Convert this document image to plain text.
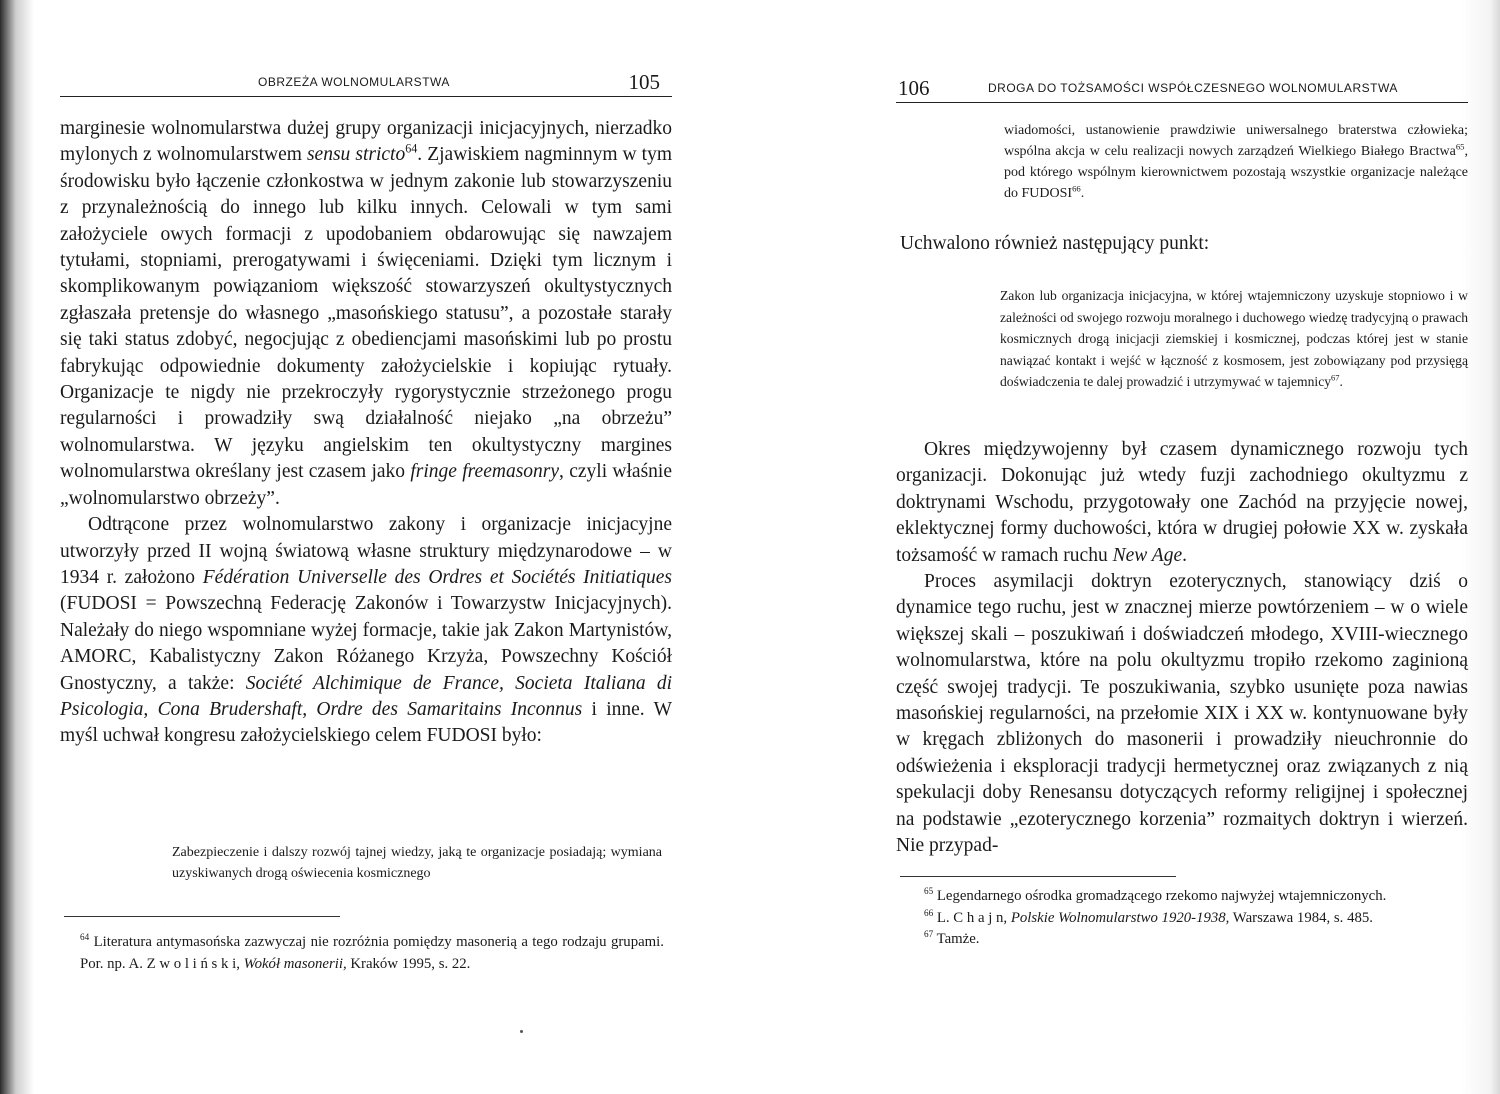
OBRZEŻA WOLNOMULARSTWA	105

marginesie wolnomularstwa dużej grupy organizacji inicjacyjnych, nierzadko mylonych z wolnomularstwem sensu stricto$^{64}$. Zjawiskiem nagminnym w tym środowisku było łączenie członkostwa w jednym zakonie lub stowarzyszeniu z przynależnością do innego lub kilku innych. Celowali w tym sami założyciele owych formacji z upodobaniem obdarowując się nawzajem tytułami, stopniami, prerogatywami i święceniami. Dzięki tym licznym i skomplikowanym powiązaniom większość stowarzyszeń okultystycznych zgłaszała pretensje do własnego „masońskiego statusu”, a pozostałe starały się taki status zdobyć, negocjując z obediencjami masońskimi lub po prostu fabrykując odpowiednie dokumenty założycielskie i kopiując rytuały. Organizacje te nigdy nie przekroczyły rygorystycznie strzeżonego progu regularności i prowadziły swą działalność niejako „na obrzeżu” wolnomularstwa. W języku angielskim ten okultystyczny margines wolnomularstwa określany jest czasem jako fringe freemasonry, czyli właśnie „wolnomularstwo obrzeży”.

Odtrącone przez wolnomularstwo zakony i organizacje inicjacyjne utworzyły przed II wojną światową własne struktury międzynarodowe – w 1934 r. założono Fédération Universelle des Ordres et Sociétés Initiatiques (FUDOSI = Powszechną Federację Zakonów i Towarzystw Inicjacyjnych). Należały do niego wspomniane wyżej formacje, takie jak Zakon Martynistów, AMORC, Kabalistyczny Zakon Różanego Krzyża, Powszechny Kościół Gnostyczny, a także: Société Alchimique de France, Societa Italiana di Psicologia, Cona Brudershaft, Ordre des Samaritains Inconnus i inne. W myśl uchwał kongresu założycielskiego celem FUDOSI było:

Zabezpieczenie i dalszy rozwój tajnej wiedzy, jaką te organizacje posiadają; wymiana uzyskiwanych drogą oświecenia kosmicznego

$^{64}$ Literatura antymasońska zazwyczaj nie rozróżnia pomiędzy masonerią a tego rodzaju grupami. Por. np. A. Z w o l i ń s k i, Wokół masonerii, Kraków 1995, s. 22.

106	DROGA DO TOŻSAMOŚCI WSPÓŁCZESNEGO WOLNOMULARSTWA
wiadomości, ustanowienie prawdziwie uniwersalnego braterstwa człowieka; wspólna akcja w celu realizacji nowych zarządzeń Wielkiego Białego Bractwa$^{65}$, pod którego wspólnym kierownictwem pozostają wszystkie organizacje należące do FUDOSI$^{66}$.
Uchwalono również następujący punkt:
Zakon lub organizacja inicjacyjna, w której wtajemniczony uzyskuje stopniowo i w zależności od swojego rozwoju moralnego i duchowego wiedzę tradycyjną o prawach kosmicznych drogą inicjacji ziemskiej i kosmicznej, podczas której jest w stanie nawiązać kontakt i wejść w łączność z kosmosem, jest zobowiązany pod przysięgą doświadczenia te dalej prowadzić i utrzymywać w tajemnicy$^{67}$.

Okres międzywojenny był czasem dynamicznego rozwoju tych organizacji. Dokonując już wtedy fuzji zachodniego okultyzmu z doktrynami Wschodu, przygotowały one Zachód na przyjęcie nowej, eklektycznej formy duchowości, która w drugiej połowie XX w. zyskała tożsamość w ramach ruchu New Age.

Proces asymilacji doktryn ezoterycznych, stanowiący dziś o dynamice tego ruchu, jest w znacznej mierze powtórzeniem – w o wiele większej skali – poszukiwań i doświadczeń młodego, XVIII-wiecznego wolnomularstwa, które na polu okultyzmu tropiło rzekomo zaginioną część swojej tradycji. Te poszukiwania, szybko usunięte poza nawias masońskiej regularności, na przełomie XIX i XX w. kontynuowane były w kręgach zbliżonych do masonerii i prowadziły nieuchronnie do odświeżenia i eksploracji tradycji hermetycznej oraz związanych z nią spekulacji doby Renesansu dotyczących reformy religijnej i społecznej na podstawie „ezoterycznego korzenia” rozmaitych doktryn i wierzeń. Nie przypad-

$^{65}$ Legendarnego ośrodka gromadzącego rzekomo najwyżej wtajemniczonych.

$^{66}$ L. C h a j n, Polskie Wolnomularstwo 1920-1938, Warszawa 1984, s. 485.

$^{67}$ Tamże.
